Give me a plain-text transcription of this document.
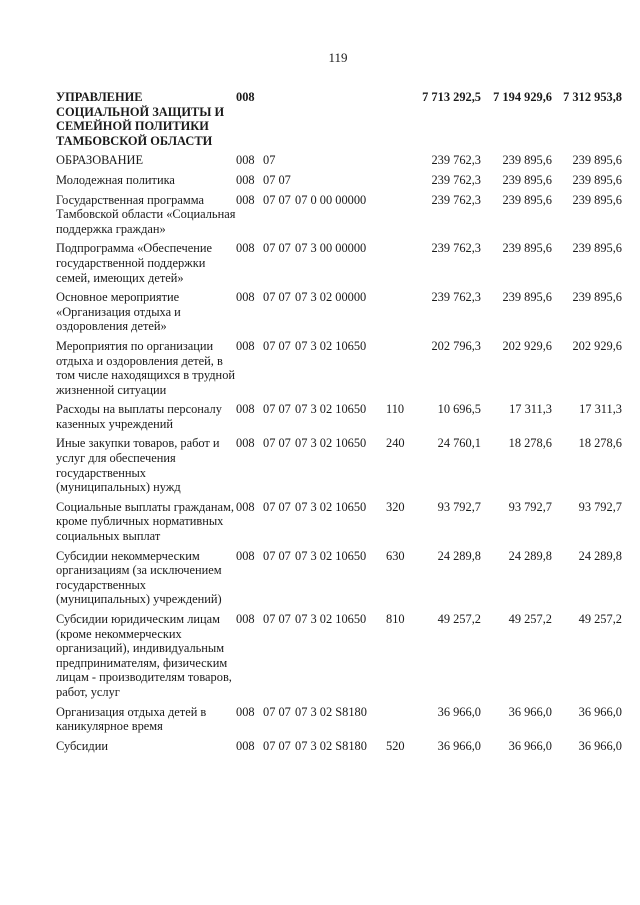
119
УПРАВЛЕНИЕ СОЦИАЛЬНОЙ ЗАЩИТЫ И СЕМЕЙНОЙ ПОЛИТИКИ ТАМБОВСКОЙ ОБЛАСТИ	008				7 713 292,5	7 194 929,6	7 312 953,8
ОБРАЗОВАНИЕ	008	07			239 762,3	239 895,6	239 895,6
Молодежная политика	008	07 07			239 762,3	239 895,6	239 895,6
Государственная программа Тамбовской области «Социальная поддержка граждан»	008	07 07	07 0 00 00000		239 762,3	239 895,6	239 895,6
Подпрограмма «Обеспечение государственной поддержки семей, имеющих детей»	008	07 07	07 3 00 00000		239 762,3	239 895,6	239 895,6
Основное мероприятие «Организация отдыха и оздоровления детей»	008	07 07	07 3 02 00000		239 762,3	239 895,6	239 895,6
Мероприятия по организации отдыха и оздоровления детей, в том числе находящихся в трудной жизненной ситуации	008	07 07	07 3 02 10650		202 796,3	202 929,6	202 929,6
Расходы на выплаты персоналу казенных учреждений	008	07 07	07 3 02 10650	110	10 696,5	17 311,3	17 311,3
Иные закупки товаров, работ и услуг для обеспечения государственных (муниципальных) нужд	008	07 07	07 3 02 10650	240	24 760,1	18 278,6	18 278,6
Социальные выплаты гражданам, кроме публичных нормативных социальных выплат	008	07 07	07 3 02 10650	320	93 792,7	93 792,7	93 792,7
Субсидии некоммерческим организациям (за исключением государственных (муниципальных) учреждений)	008	07 07	07 3 02 10650	630	24 289,8	24 289,8	24 289,8
Субсидии юридическим лицам (кроме некоммерческих организаций), индивидуальным предпринимателям, физическим лицам - производителям товаров, работ, услуг	008	07 07	07 3 02 10650	810	49 257,2	49 257,2	49 257,2
Организация отдыха детей в каникулярное время	008	07 07	07 3 02 S8180		36 966,0	36 966,0	36 966,0
Субсидии	008	07 07	07 3 02 S8180	520	36 966,0	36 966,0	36 966,0
